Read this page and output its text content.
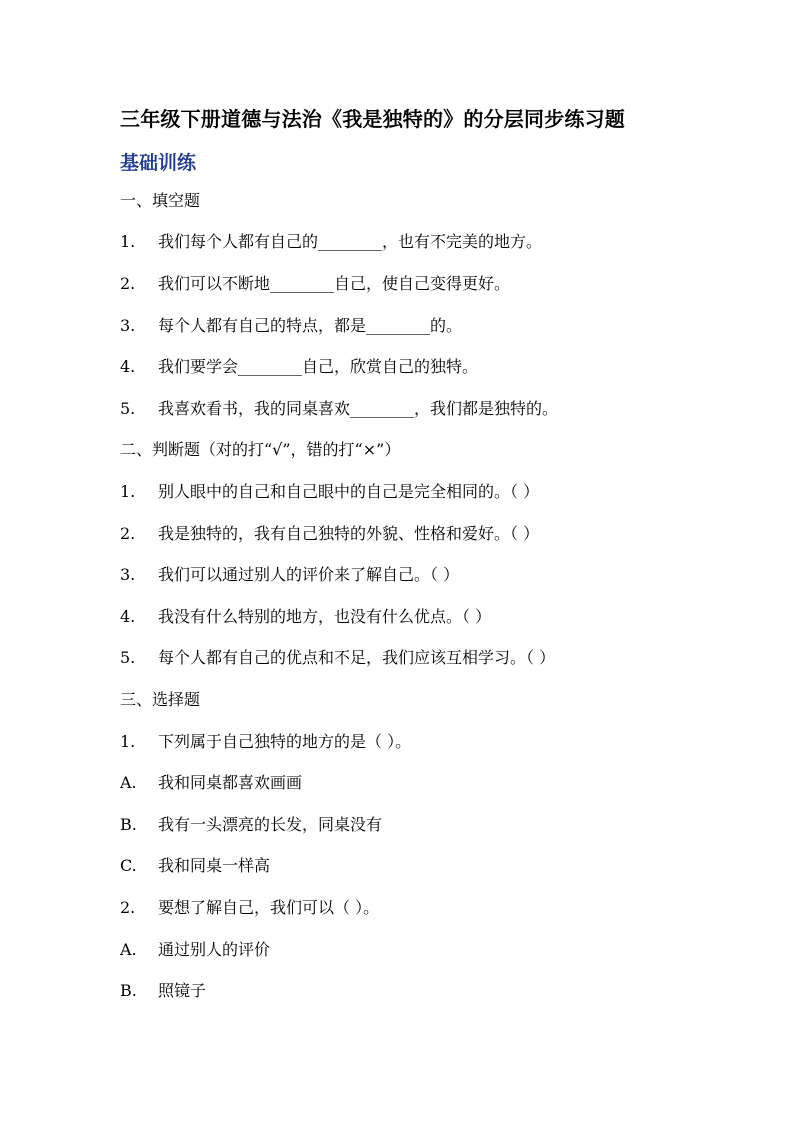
三年级下册道德与法治《我是独特的》的分层同步练习题
基础训练
一、填空题
1. 我们每个人都有自己的________，也有不完美的地方。
2. 我们可以不断地________自己，使自己变得更好。
3. 每个人都有自己的特点，都是________的。
4. 我们要学会________自己，欣赏自己的独特。
5. 我喜欢看书，我的同桌喜欢________，我们都是独特的。
二、判断题（对的打“√”，错的打“×”）
1. 别人眼中的自己和自己眼中的自己是完全相同的。（ ）
2. 我是独特的，我有自己独特的外貌、性格和爱好。（ ）
3. 我们可以通过别人的评价来了解自己。（ ）
4. 我没有什么特别的地方，也没有什么优点。（ ）
5. 每个人都有自己的优点和不足，我们应该互相学习。（ ）
三、选择题
1. 下列属于自己独特的地方的是（ ）。
A. 我和同桌都喜欢画画
B. 我有一头漂亮的长发，同桌没有
C. 我和同桌一样高
2. 要想了解自己，我们可以（ ）。
A. 通过别人的评价
B. 照镜子
